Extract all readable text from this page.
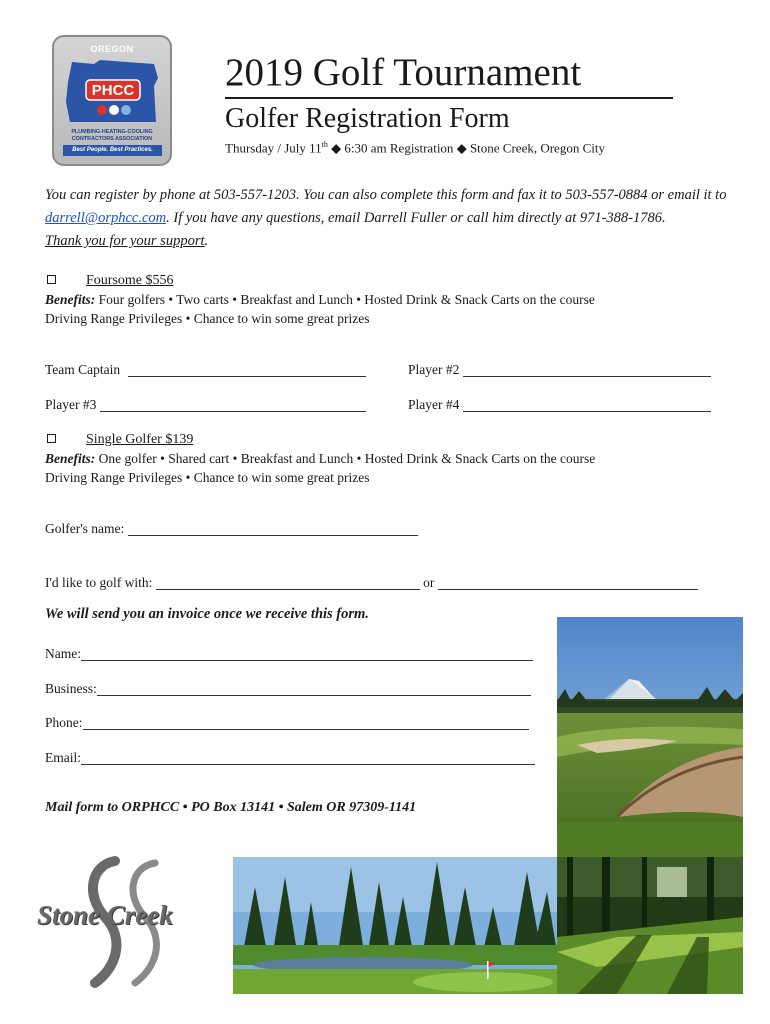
OREGON
PHCC
PLUMBING-HEATING-COOLING
CONTRACTORS ASSOCIATION
Best People. Best Practices.
2019 Golf Tournament
Golfer Registration Form
Thursday / July 11th ◆ 6:30 am Registration ◆ Stone Creek, Oregon City
You can register by phone at 503-557-1203. You can also complete this form and fax it to 503-557-0884 or email it to darrell@orphcc.com. If you have any questions, email Darrell Fuller or call him directly at 971-388-1786.
Thank you for your support.
Foursome $556
Benefits: Four golfers • Two carts • Breakfast and Lunch • Hosted Drink & Snack Carts on the course
Driving Range Privileges • Chance to win some great prizes
Team Captain	Player #2
Player #3	Player #4
Single Golfer $139
Benefits: One golfer • Shared cart • Breakfast and Lunch • Hosted Drink & Snack Carts on the course
Driving Range Privileges • Chance to win some great prizes
Golfer's name:
I'd like to golf with:	or
We will send you an invoice once we receive this form.
Name:
Business:
Phone:
Email:
Mail form to ORPHCC • PO Box 13141 • Salem OR 97309-1141
Stone Creek
